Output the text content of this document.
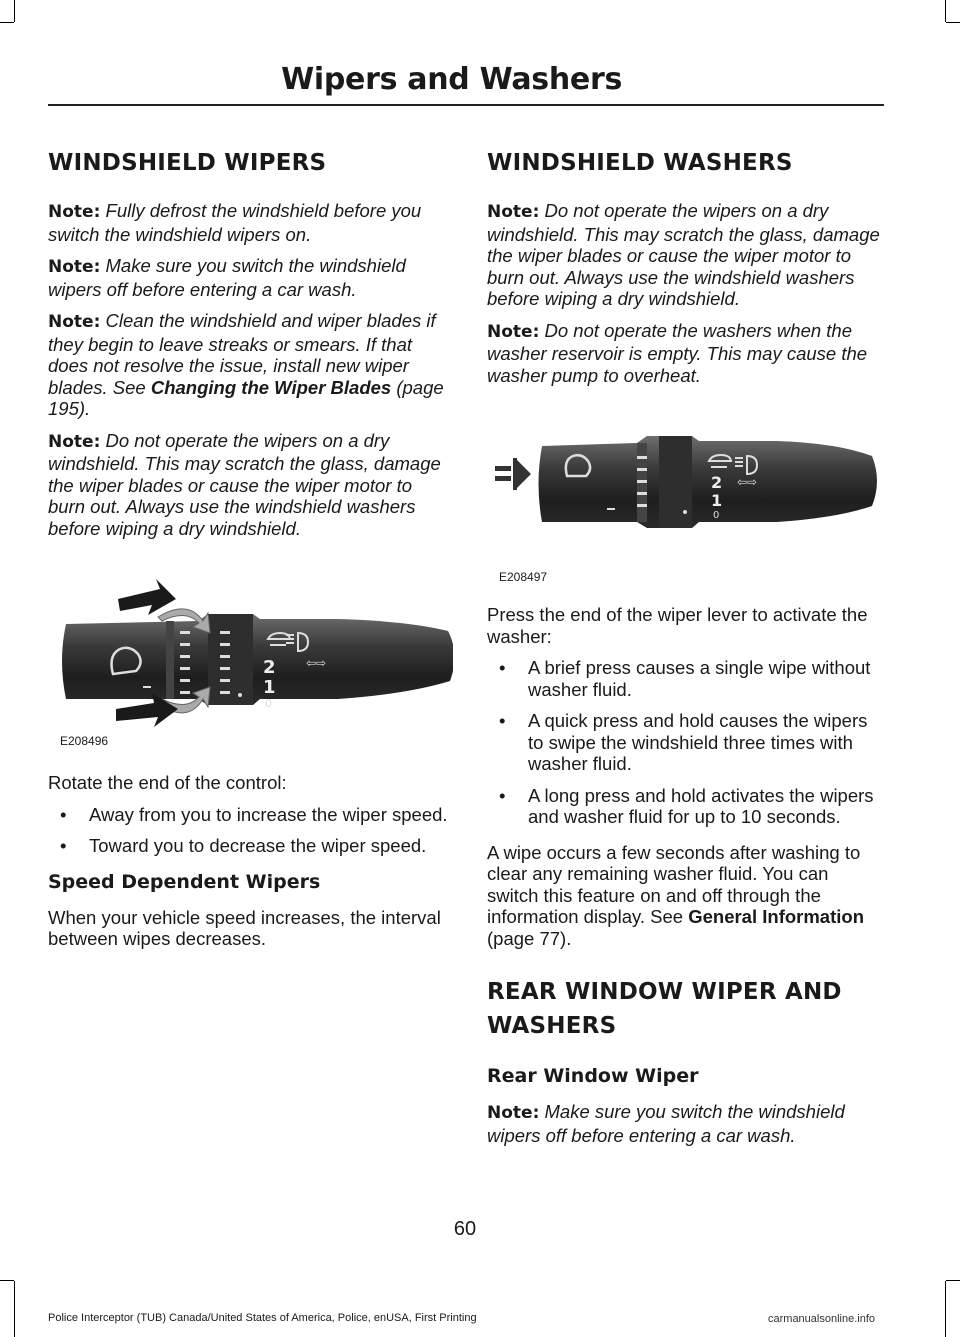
Wipers and Washers
WINDSHIELD WIPERS

Note: Fully defrost the windshield before you switch the windshield wipers on.

Note: Make sure you switch the windshield wipers off before entering a car wash.

Note: Clean the windshield and wiper blades if they begin to leave streaks or smears. If that does not resolve the issue, install new wiper blades. See Changing the Wiper Blades (page 195).

Note: Do not operate the wipers on a dry windshield. This may scratch the glass, damage the wiper blades or cause the wiper motor to burn out. Always use the windshield washers before wiping a dry windshield.

⇦⇨
2
1
0
E208496

Rotate the end of the control:

• Away from you to increase the wiper speed.
• Toward you to decrease the wiper speed.
Speed Dependent Wipers

When your vehicle speed increases, the interval between wipes decreases.

WINDSHIELD WASHERS

Note: Do not operate the wipers on a dry windshield. This may scratch the glass, damage the wiper blades or cause the wiper motor to burn out. Always use the windshield washers before wiping a dry windshield.

Note: Do not operate the washers when the washer reservoir is empty. This may cause the washer pump to overheat.

⇦⇨
2
1
0
E208497

Press the end of the wiper lever to activate the washer:

• A brief press causes a single wipe without washer fluid.
• A quick press and hold causes the wipers to swipe the windshield three times with washer fluid.
• A long press and hold activates the wipers and washer fluid for up to 10 seconds.

A wipe occurs a few seconds after washing to clear any remaining washer fluid. You can switch this feature on and off through the information display. See General Information (page 77).

REAR WINDOW WIPER AND
WASHERS
Rear Window Wiper

Note: Make sure you switch the windshield wipers off before entering a car wash.

60
Police Interceptor (TUB) Canada/United States of America, Police, enUSA, First Printing	carmanualsonline.info
